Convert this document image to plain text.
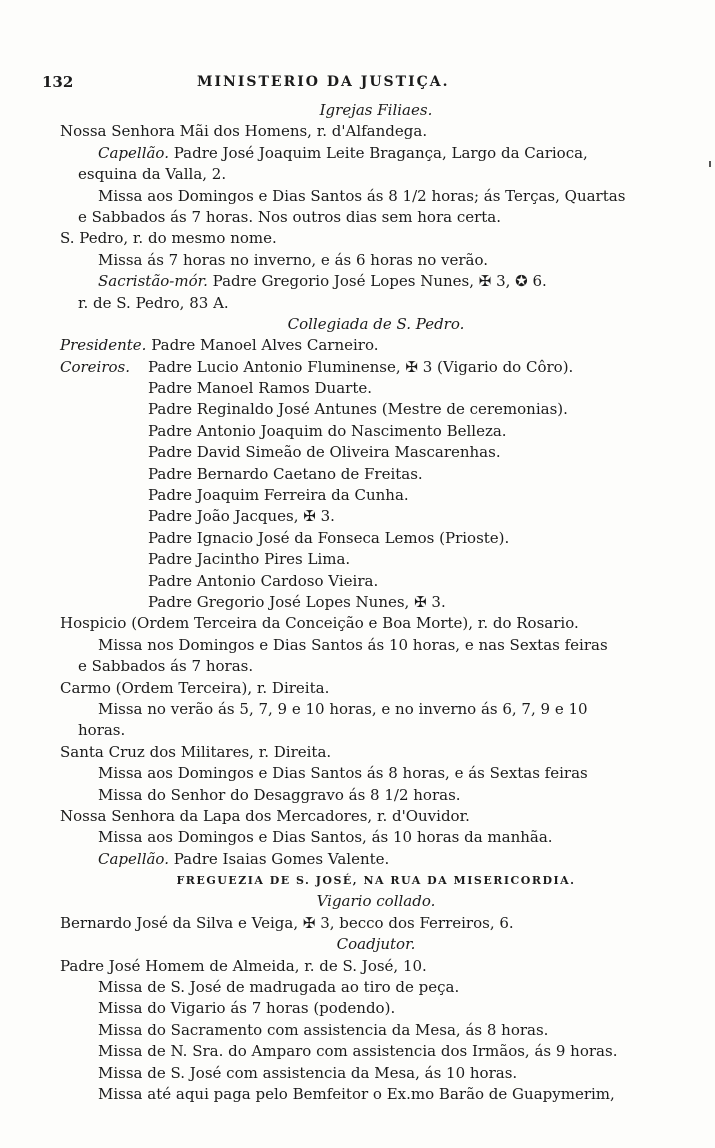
132	MINISTERIO DA JUSTIÇA.
Igrejas Filiaes.
Nossa Senhora Mãi dos Homens, r. d'Alfandega.
Capellão. Padre José Joaquim Leite Bragança, Largo da Carioca,
esquina da Valla, 2.
Missa aos Domingos e Dias Santos ás 8 1/2 horas; ás Terças, Quartas
e Sabbados ás 7 horas. Nos outros dias sem hora certa.
S. Pedro, r. do mesmo nome.
Missa ás 7 horas no inverno, e ás 6 horas no verão.
Sacristão-mór. Padre Gregorio José Lopes Nunes, ✠ 3, ✪ 6.
r. de S. Pedro, 83 A.
Collegiada de S. Pedro.
Presidente. Padre Manoel Alves Carneiro.
Coreiros. Padre Lucio Antonio Fluminense, ✠ 3 (Vigario do Côro).
Padre Manoel Ramos Duarte.
Padre Reginaldo José Antunes (Mestre de ceremonias).
Padre Antonio Joaquim do Nascimento Belleza.
Padre David Simeão de Oliveira Mascarenhas.
Padre Bernardo Caetano de Freitas.
Padre Joaquim Ferreira da Cunha.
Padre João Jacques, ✠ 3.
Padre Ignacio José da Fonseca Lemos (Prioste).
Padre Jacintho Pires Lima.
Padre Antonio Cardoso Vieira.
Padre Gregorio José Lopes Nunes, ✠ 3.
Hospicio (Ordem Terceira da Conceição e Boa Morte), r. do Rosario.
Missa nos Domingos e Dias Santos ás 10 horas, e nas Sextas feiras
e Sabbados ás 7 horas.
Carmo (Ordem Terceira), r. Direita.
Missa no verão ás 5, 7, 9 e 10 horas, e no inverno ás 6, 7, 9 e 10
horas.
Santa Cruz dos Militares, r. Direita.
Missa aos Domingos e Dias Santos ás 8 horas, e ás Sextas feiras
Missa do Senhor do Desaggravo ás 8 1/2 horas.
Nossa Senhora da Lapa dos Mercadores, r. d'Ouvidor.
Missa aos Domingos e Dias Santos, ás 10 horas da manhãa.
Capellão. Padre Isaias Gomes Valente.
FREGUEZIA DE S. JOSÉ, NA RUA DA MISERICORDIA.
Vigario collado.
Bernardo José da Silva e Veiga, ✠ 3, becco dos Ferreiros, 6.
Coadjutor.
Padre José Homem de Almeida, r. de S. José, 10.
Missa de S. José de madrugada ao tiro de peça.
Missa do Vigario ás 7 horas (podendo).
Missa do Sacramento com assistencia da Mesa, ás 8 horas.
Missa de N. Sra. do Amparo com assistencia dos Irmãos, ás 9 horas.
Missa de S. José com assistencia da Mesa, ás 10 horas.
Missa até aqui paga pelo Bemfeitor o Ex.mo Barão de Guapymerim,
